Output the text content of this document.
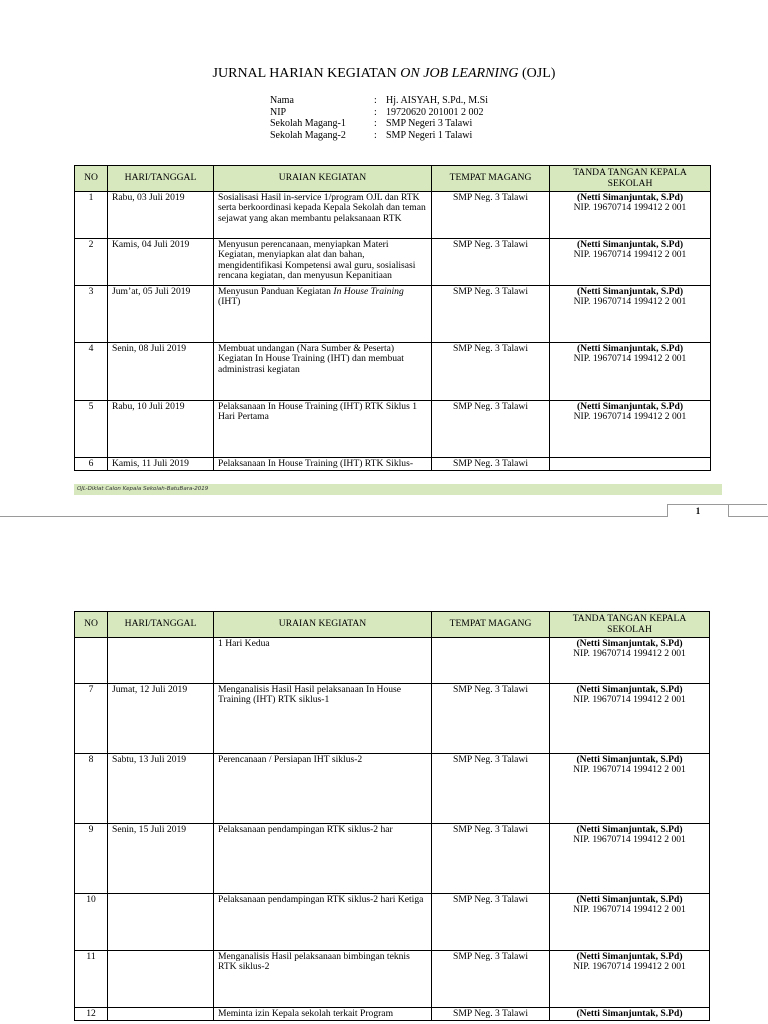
JURNAL HARIAN KEGIATAN ON JOB LEARNING (OJL)
Nama	: Hj. AISYAH, S.Pd., M.Si
NIP	: 19720620 201001 2 002
Sekolah Magang-1	: SMP Negeri 3 Talawi
Sekolah Magang-2	: SMP Negeri 1 Talawi
NO	HARI/TANGGAL	URAIAN KEGIATAN	TEMPAT MAGANG	TANDA TANGAN KEPALA SEKOLAH
1	Rabu, 03 Juli 2019	Sosialisasi Hasil in-service 1/program OJL dan RTK serta berkoordinasi kepada Kepala Sekolah dan teman sejawat yang akan membantu pelaksanaan RTK	SMP Neg. 3 Talawi	(Netti Simanjuntak, S.Pd)
NIP. 19670714 199412 2 001

2	Kamis, 04 Juli 2019	Menyusun perencanaan, menyiapkan Materi Kegiatan, menyiapkan alat dan bahan, mengidentifikasi Kompetensi awal guru, sosialisasi rencana kegiatan, dan menyusun Kepanitiaan	SMP Neg. 3 Talawi	(Netti Simanjuntak, S.Pd)
NIP. 19670714 199412 2 001

3	Jum’at, 05 Juli 2019	Menyusun Panduan Kegiatan In House Training (IHT)	SMP Neg. 3 Talawi	(Netti Simanjuntak, S.Pd)
NIP. 19670714 199412 2 001

4	Senin, 08 Juli 2019	Membuat undangan (Nara Sumber & Peserta) Kegiatan In House Training (IHT) dan membuat administrasi kegiatan	SMP Neg. 3 Talawi	(Netti Simanjuntak, S.Pd)
NIP. 19670714 199412 2 001

5	Rabu, 10 Juli 2019	Pelaksanaan In House Training (IHT) RTK Siklus 1 Hari Pertama	SMP Neg. 3 Talawi	(Netti Simanjuntak, S.Pd)
NIP. 19670714 199412 2 001

6	Kamis, 11 Juli 2019	Pelaksanaan In House Training (IHT) RTK Siklus-	SMP Neg. 3 Talawi	
OJL-Diklat Calon Kepala Sekolah-BatuBara-2019
1
NO	HARI/TANGGAL	URAIAN KEGIATAN	TEMPAT MAGANG	TANDA TANGAN KEPALA SEKOLAH
		1 Hari Kedua		(Netti Simanjuntak, S.Pd)
NIP. 19670714 199412 2 001

7	Jumat, 12 Juli 2019	Menganalisis Hasil Hasil pelaksanaan In House Training (IHT) RTK siklus-1	SMP Neg. 3 Talawi	(Netti Simanjuntak, S.Pd)
NIP. 19670714 199412 2 001

8	Sabtu, 13 Juli 2019	Perencanaan / Persiapan IHT siklus-2	SMP Neg. 3 Talawi	(Netti Simanjuntak, S.Pd)
NIP. 19670714 199412 2 001

9	Senin, 15 Juli 2019	Pelaksanaan pendampingan RTK siklus-2 har	SMP Neg. 3 Talawi	(Netti Simanjuntak, S.Pd)
NIP. 19670714 199412 2 001

10		Pelaksanaan pendampingan RTK siklus-2 hari Ketiga	SMP Neg. 3 Talawi	(Netti Simanjuntak, S.Pd)
NIP. 19670714 199412 2 001

11		Menganalisis Hasil pelaksanaan bimbingan teknis RTK siklus-2	SMP Neg. 3 Talawi	(Netti Simanjuntak, S.Pd)
NIP. 19670714 199412 2 001

12		Meminta izin Kepala sekolah terkait Program	SMP Neg. 3 Talawi	(Netti Simanjuntak, S.Pd)
